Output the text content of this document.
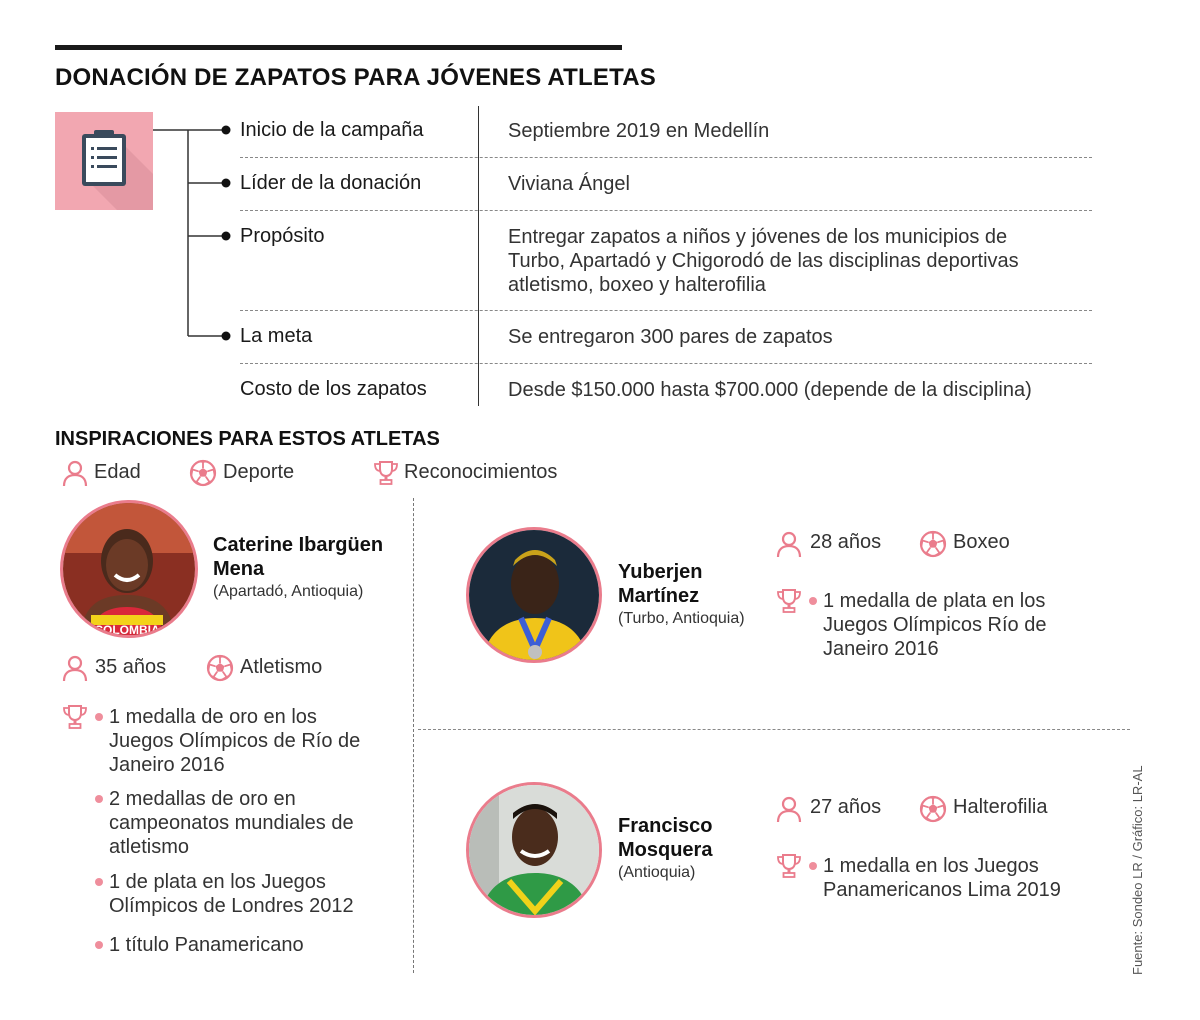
DONACIÓN DE ZAPATOS PARA JÓVENES ATLETAS
Inicio de la campaña	Septiembre 2019 en Medellín
Líder de la donación	Viviana Ángel
Propósito	Entregar zapatos a niños y jóvenes de los municipios de Turbo, Apartadó y Chigorodó de las disciplinas deportivas atletismo, boxeo y halterofilia
La meta	Se entregaron 300 pares de zapatos
Costo de los zapatos	Desde $150.000 hasta $700.000 (depende de la disciplina)
INSPIRACIONES PARA ESTOS ATLETAS
Edad	Deporte	Reconocimientos
COLOMBIA
Caterine Ibargüen Mena
(Apartadó, Antioquia)
35 años	Atletismo
1 medalla de oro en los Juegos Olímpicos de Río de Janeiro 2016
2 medallas de oro en campeonatos mundiales de atletismo
1 de plata en los Juegos Olímpicos de Londres 2012
1 título Panamericano
Yuberjen Martínez
(Turbo, Antioquia)
28 años	Boxeo
1 medalla de plata en los Juegos Olímpicos Río de Janeiro 2016
Francisco Mosquera
(Antioquia)
27 años	Halterofilia
1 medalla en los Juegos Panamericanos Lima 2019	Fuente: Sondeo LR / Gráfico: LR-AL
